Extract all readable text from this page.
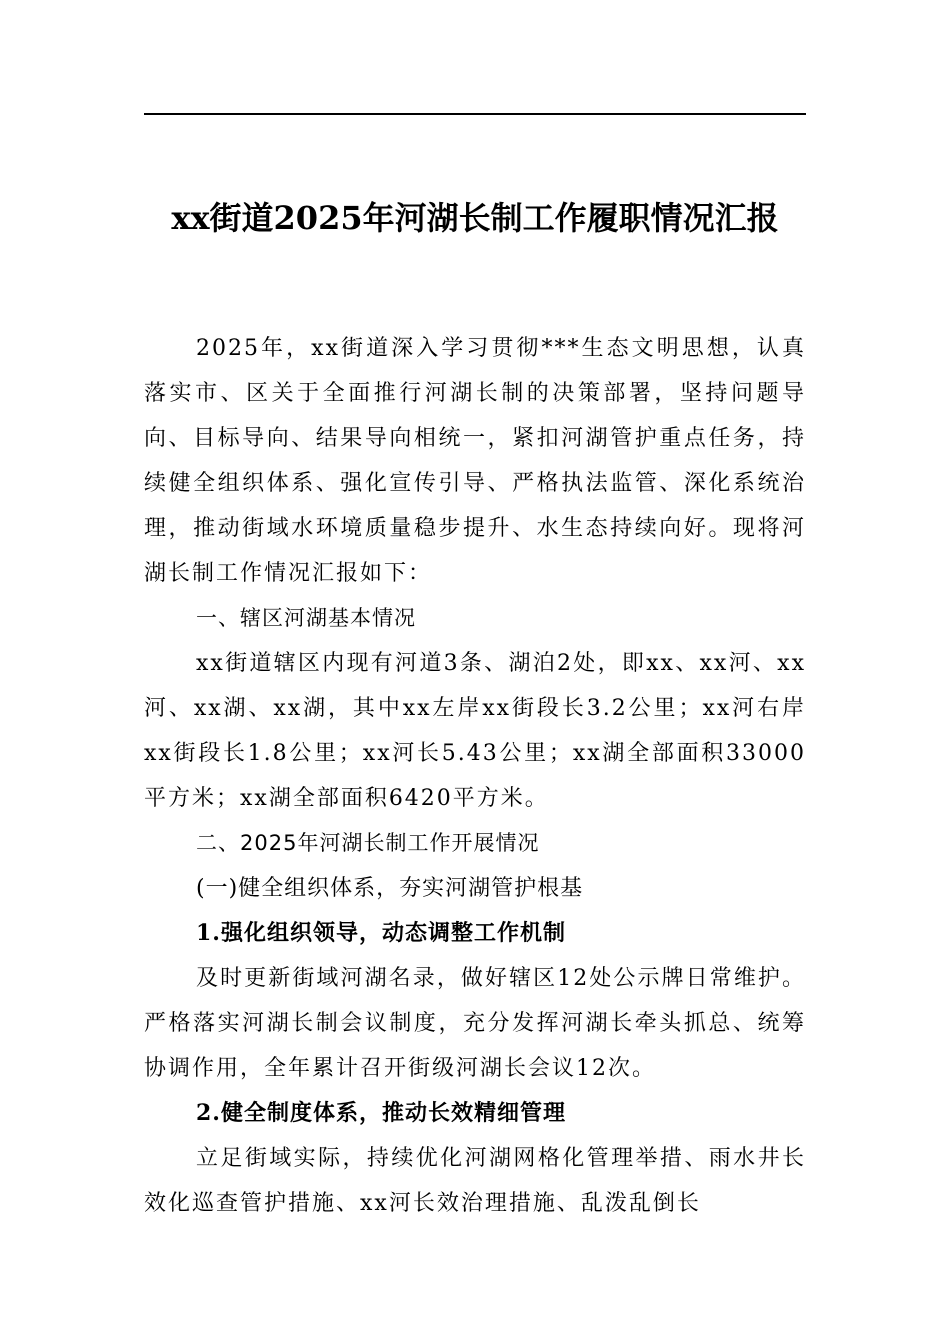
xx街道2025年河湖长制工作履职情况汇报

2025年，xx街道深入学习贯彻***生态文明思想，认真落实市、区关于全面推行河湖长制的决策部署，坚持问题导向、目标导向、结果导向相统一，紧扣河湖管护重点任务，持续健全组织体系、强化宣传引导、严格执法监管、深化系统治理，推动街域水环境质量稳步提升、水生态持续向好。现将河湖长制工作情况汇报如下：

一、辖区河湖基本情况

xx街道辖区内现有河道3条、湖泊2处，即xx、xx河、xx河、xx湖、xx湖，其中xx左岸xx街段长3.2公里；xx河右岸xx街段长1.8公里；xx河长5.43公里；xx湖全部面积33000平方米；xx湖全部面积6420平方米。

二、2025年河湖长制工作开展情况

(一)健全组织体系，夯实河湖管护根基

1.强化组织领导，动态调整工作机制

及时更新街域河湖名录，做好辖区12处公示牌日常维护。严格落实河湖长制会议制度，充分发挥河湖长牵头抓总、统筹协调作用，全年累计召开街级河湖长会议12次。

2.健全制度体系，推动长效精细管理

立足街域实际，持续优化河湖网格化管理举措、雨水井长效化巡查管护措施、xx河长效治理措施、乱泼乱倒长
